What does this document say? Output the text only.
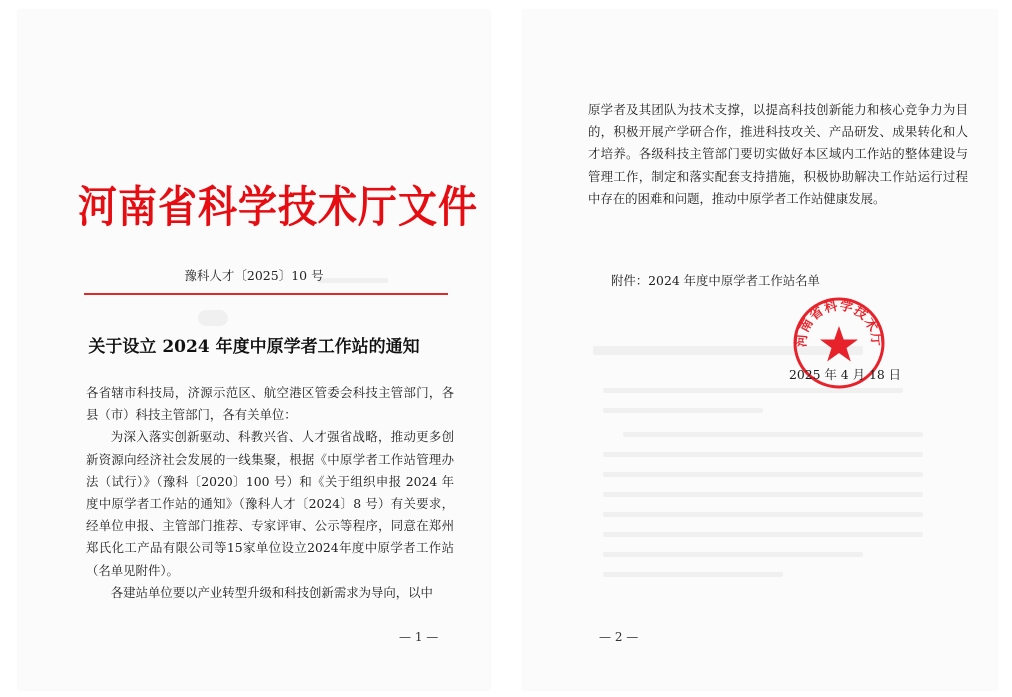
河南省科学技术厅文件
豫科人才〔2025〕10 号
关于设立 2024 年度中原学者工作站的通知

各省辖市科技局，济源示范区、航空港区管委会科技主管部门，各县（市）科技主管部门，各有关单位：

为深入落实创新驱动、科教兴省、人才强省战略，推动更多创新资源向经济社会发展的一线集聚，根据《中原学者工作站管理办法（试行）》（豫科〔2020〕100 号）和《关于组织申报 2024 年度中原学者工作站的通知》（豫科人才〔2024〕8 号）有关要求，经单位申报、主管部门推荐、专家评审、公示等程序，同意在郑州郑氏化工产品有限公司等15家单位设立2024年度中原学者工作站（名单见附件）。

各建站单位要以产业转型升级和科技创新需求为导向，以中

— 1 —

原学者及其团队为技术支撑，以提高科技创新能力和核心竞争力为目的，积极开展产学研合作，推进科技攻关、产品研发、成果转化和人才培养。各级科技主管部门要切实做好本区域内工作站的整体建设与管理工作，制定和落实配套支持措施，积极协助解决工作站运行过程中存在的困难和问题，推动中原学者工作站健康发展。

附件：2024 年度中原学者工作站名单
河南省科学技术厅
2025 年 4 月 18 日
— 2 —
